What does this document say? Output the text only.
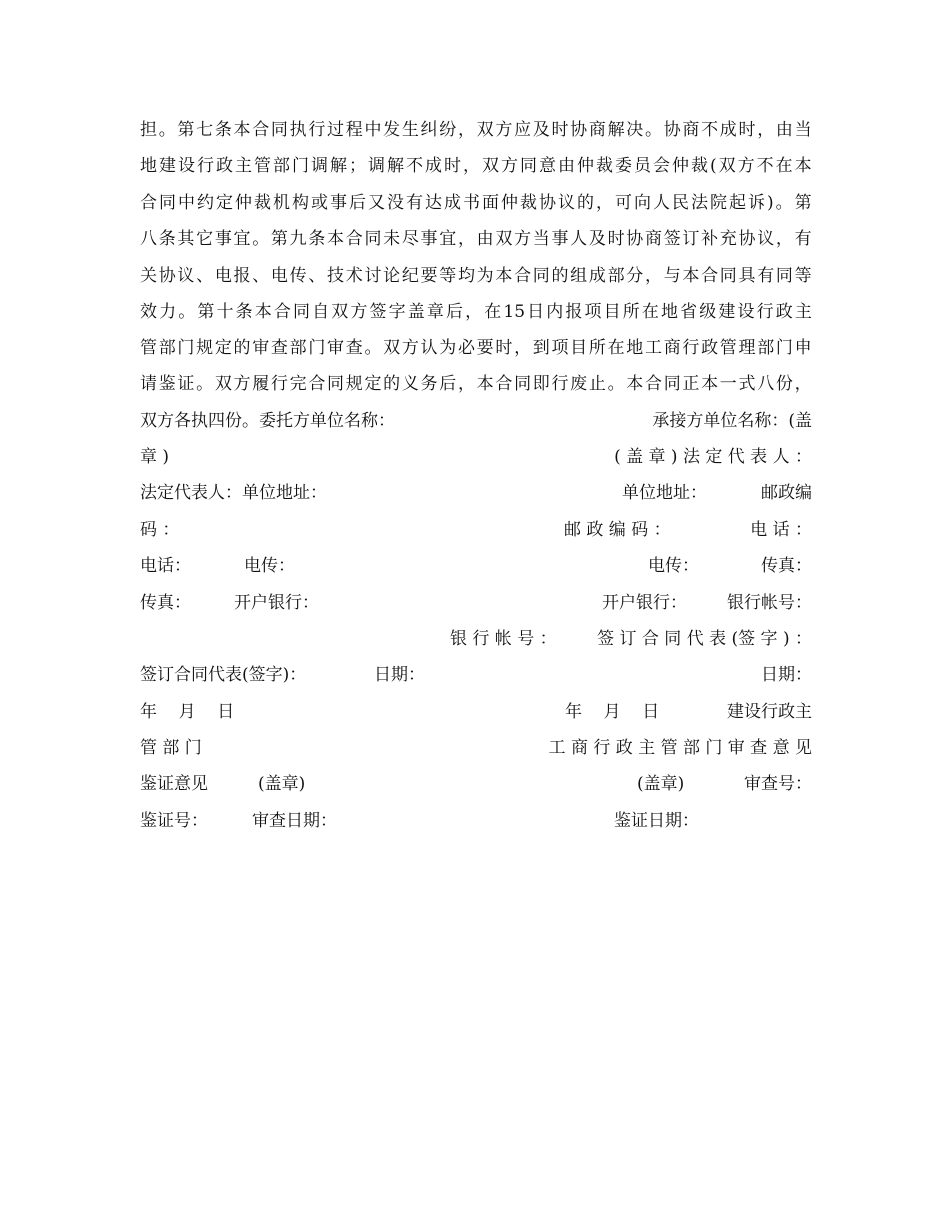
担 。 第 七 条 本 合 同 执 行 过 程 中 发 生 纠 纷 ， 双 方 应 及 时 协 商 解 决 。 协 商 不 成 时 ， 由 当
地 建 设 行 政 主 管 部 门 调 解 ； 调 解 不 成 时 ， 双 方 同 意 由 仲 裁 委 员 会 仲 裁 ( 双 方 不 在 本
合 同 中 约 定 仲 裁 机 构 或 事 后 又 没 有 达 成 书 面 仲 裁 协 议 的 ， 可 向 人 民 法 院 起 诉 ) 。 第
八 条 其 它 事 宜 。 第 九 条 本 合 同 未 尽 事 宜 ， 由 双 方 当 事 人 及 时 协 商 签 订 补 充 协 议 ， 有
关 协 议 、 电 报 、 电 传 、 技 术 讨 论 纪 要 等 均 为 本 合 同 的 组 成 部 分 ， 与 本 合 同 具 有 同 等
效 力 。 第 十 条 本 合 同 自 双 方 签 字 盖 章 后 ， 在 15 日 内 报 项 目 所 在 地 省 级 建 设 行 政 主
管 部 门 规 定 的 审 查 部 门 审 查 。 双 方 认 为 必 要 时 ， 到 项 目 所 在 地 工 商 行 政 管 理 部 门 申
请 鉴 证 。 双 方 履 行 完 合 同 规 定 的 义 务 后 ， 本 合 同 即 行 废 止 。 本 合 同 正 本 一 式 八 份 ，
双方各执四份。委托方单位名称：	承接方单位名称：(盖
章 )	( 盖 章 ) 法 定 代 表 人 ：
法定代表人：单位地址：	单位地址：	邮政编
码 ：	邮 政 编 码 ：	电 话 ：
电话：	电传：	电传：	传真：
传真：	开户银行：	开户银行： 银行帐号：
银 行 帐 号 ： 签 订 合 同 代 表 (签 字 ) ：
签订合同代表(签字)：	日期：	日期：
年    月    日	年    月    日	建设行政主
管 部 门	工 商 行 政 主 管 部 门 审 查 意 见
鉴证意见	(盖章)	(盖章)	审查号：
鉴证号：	审查日期：	鉴证日期：
